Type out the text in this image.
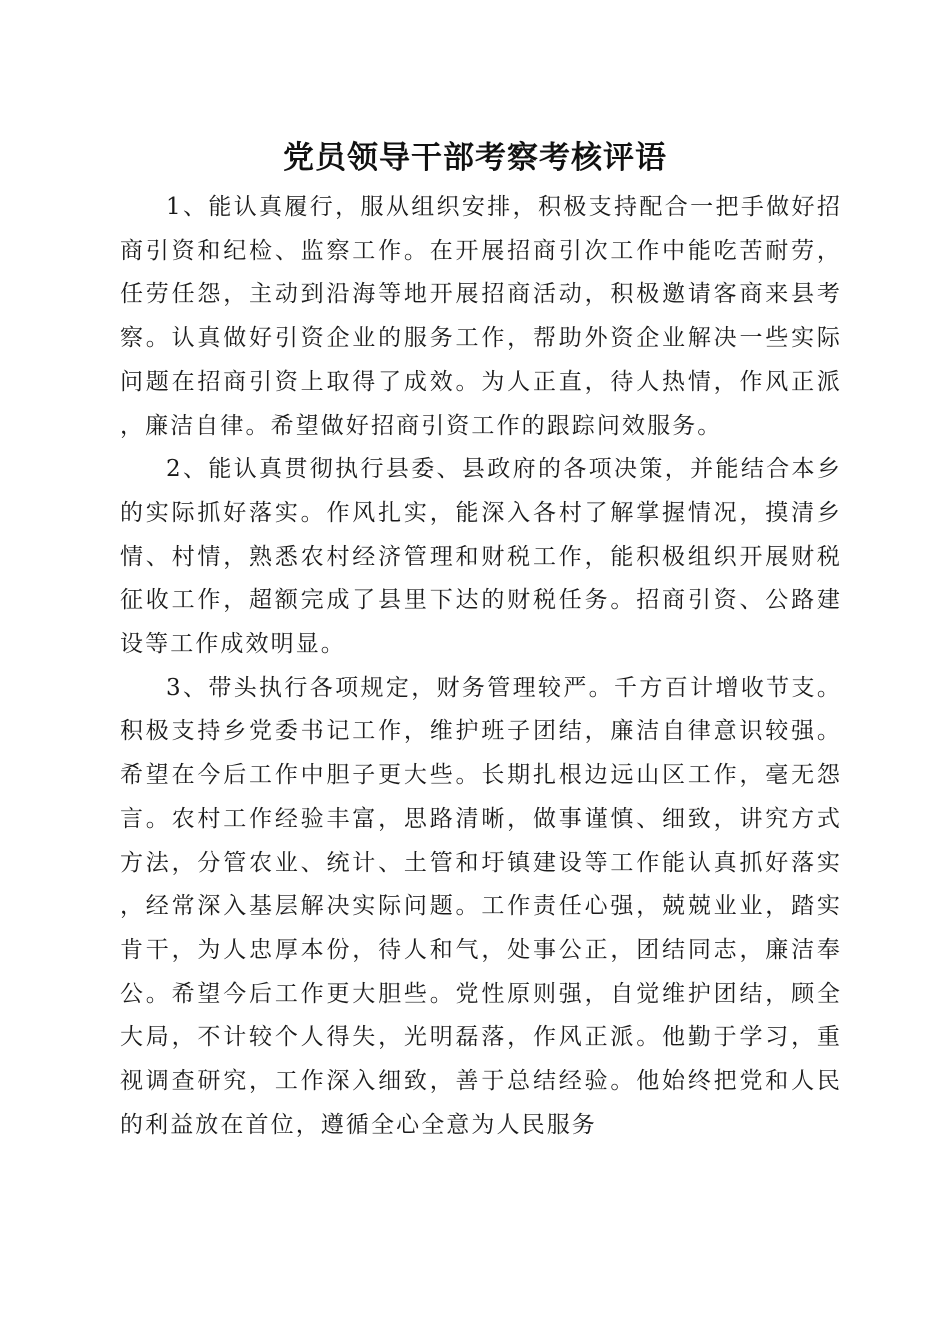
党员领导干部考察考核评语

1、能认真履行，服从组织安排，积极支持配合一把手做好招商引资和纪检、监察工作。在开展招商引次工作中能吃苦耐劳，任劳任怨，主动到沿海等地开展招商活动，积极邀请客商来县考察。认真做好引资企业的服务工作，帮助外资企业解决一些实际问题在招商引资上取得了成效。为人正直，待人热情，作风正派，廉洁自律。希望做好招商引资工作的跟踪问效服务。

2、能认真贯彻执行县委、县政府的各项决策，并能结合本乡的实际抓好落实。作风扎实，能深入各村了解掌握情况，摸清乡情、村情，熟悉农村经济管理和财税工作，能积极组织开展财税征收工作，超额完成了县里下达的财税任务。招商引资、公路建设等工作成效明显。

3、带头执行各项规定，财务管理较严。千方百计增收节支。积极支持乡党委书记工作，维护班子团结，廉洁自律意识较强。希望在今后工作中胆子更大些。长期扎根边远山区工作，毫无怨言。农村工作经验丰富，思路清晰，做事谨慎、细致，讲究方式方法，分管农业、统计、土管和圩镇建设等工作能认真抓好落实，经常深入基层解决实际问题。工作责任心强，兢兢业业，踏实肯干，为人忠厚本份，待人和气，处事公正，团结同志，廉洁奉公。希望今后工作更大胆些。党性原则强，自觉维护团结，顾全大局，不计较个人得失，光明磊落，作风正派。他勤于学习，重视调查研究，工作深入细致，善于总结经验。他始终把党和人民的利益放在首位，遵循全心全意为人民服务
